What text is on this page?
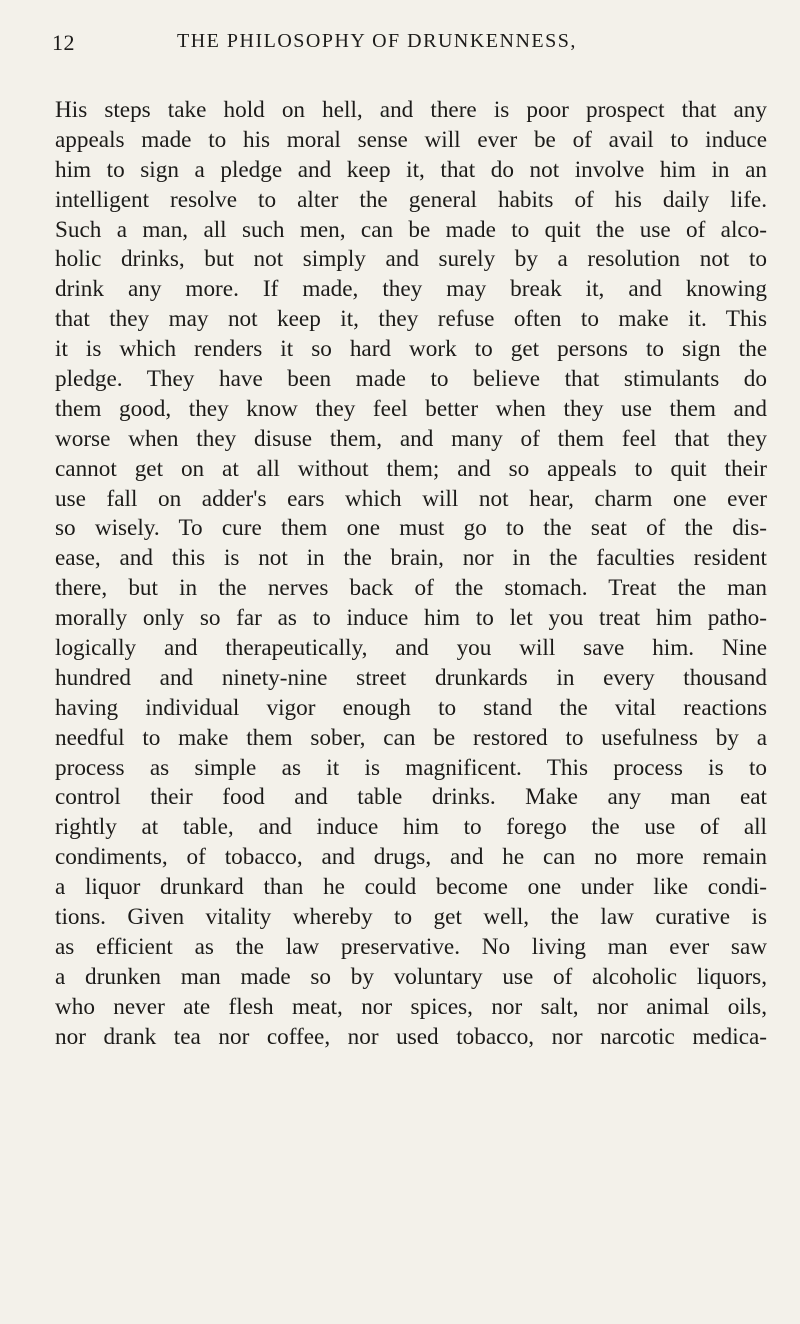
12	THE PHILOSOPHY OF DRUNKENNESS,
His steps take hold on hell, and there is poor prospect that any
appeals made to his moral sense will ever be of avail to induce
him to sign a pledge and keep it, that do not involve him in an
intelligent resolve to alter the general habits of his daily life.
Such a man, all such men, can be made to quit the use of alco-
holic drinks, but not simply and surely by a resolution not to
drink any more. If made, they may break it, and knowing
that they may not keep it, they refuse often to make it. This
it is which renders it so hard work to get persons to sign the
pledge. They have been made to believe that stimulants do
them good, they know they feel better when they use them and
worse when they disuse them, and many of them feel that they
cannot get on at all without them; and so appeals to quit their
use fall on adder's ears which will not hear, charm one ever
so wisely. To cure them one must go to the seat of the dis-
ease, and this is not in the brain, nor in the faculties resident
there, but in the nerves back of the stomach. Treat the man
morally only so far as to induce him to let you treat him patho-
logically and therapeutically, and you will save him. Nine
hundred and ninety-nine street drunkards in every thousand
having individual vigor enough to stand the vital reactions
needful to make them sober, can be restored to usefulness by a
process as simple as it is magnificent. This process is to
control their food and table drinks. Make any man eat
rightly at table, and induce him to forego the use of all
condiments, of tobacco, and drugs, and he can no more remain
a liquor drunkard than he could become one under like condi-
tions. Given vitality whereby to get well, the law curative is
as efficient as the law preservative. No living man ever saw
a drunken man made so by voluntary use of alcoholic liquors,
who never ate flesh meat, nor spices, nor salt, nor animal oils,
nor drank tea nor coffee, nor used tobacco, nor narcotic medica-
